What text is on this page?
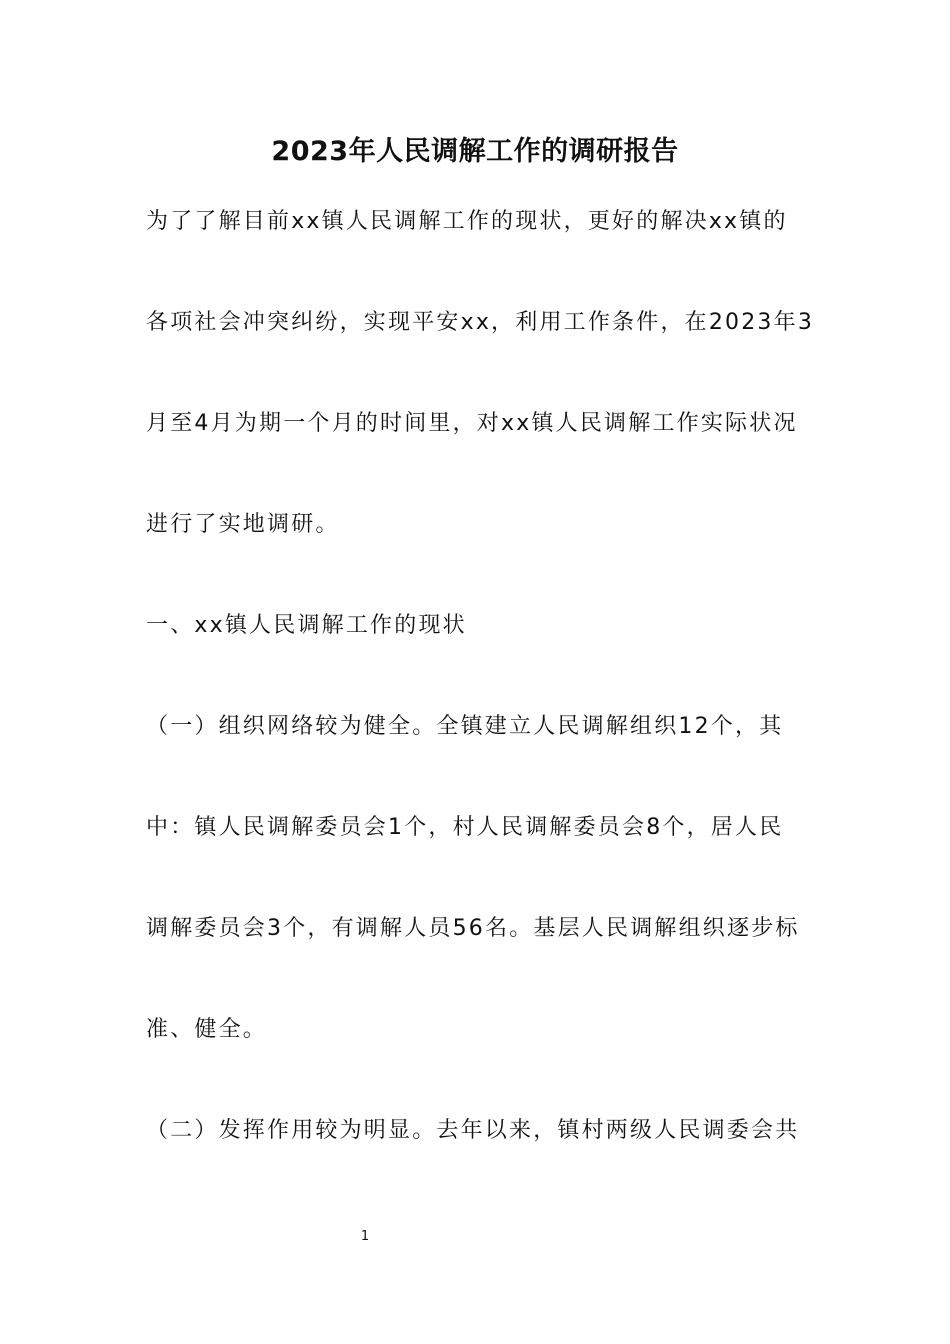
2023年人民调解工作的调研报告

为了了解目前xx镇人民调解工作的现状，更好的解决xx镇的

各项社会冲突纠纷，实现平安xx，利用工作条件，在2023年3

月至4月为期一个月的时间里，对xx镇人民调解工作实际状况

进行了实地调研。

一、xx镇人民调解工作的现状

（一）组织网络较为健全。全镇建立人民调解组织12个，其

中：镇人民调解委员会1个，村人民调解委员会8个，居人民

调解委员会3个，有调解人员56名。基层人民调解组织逐步标

准、健全。

（二）发挥作用较为明显。去年以来，镇村两级人民调委会共

1
